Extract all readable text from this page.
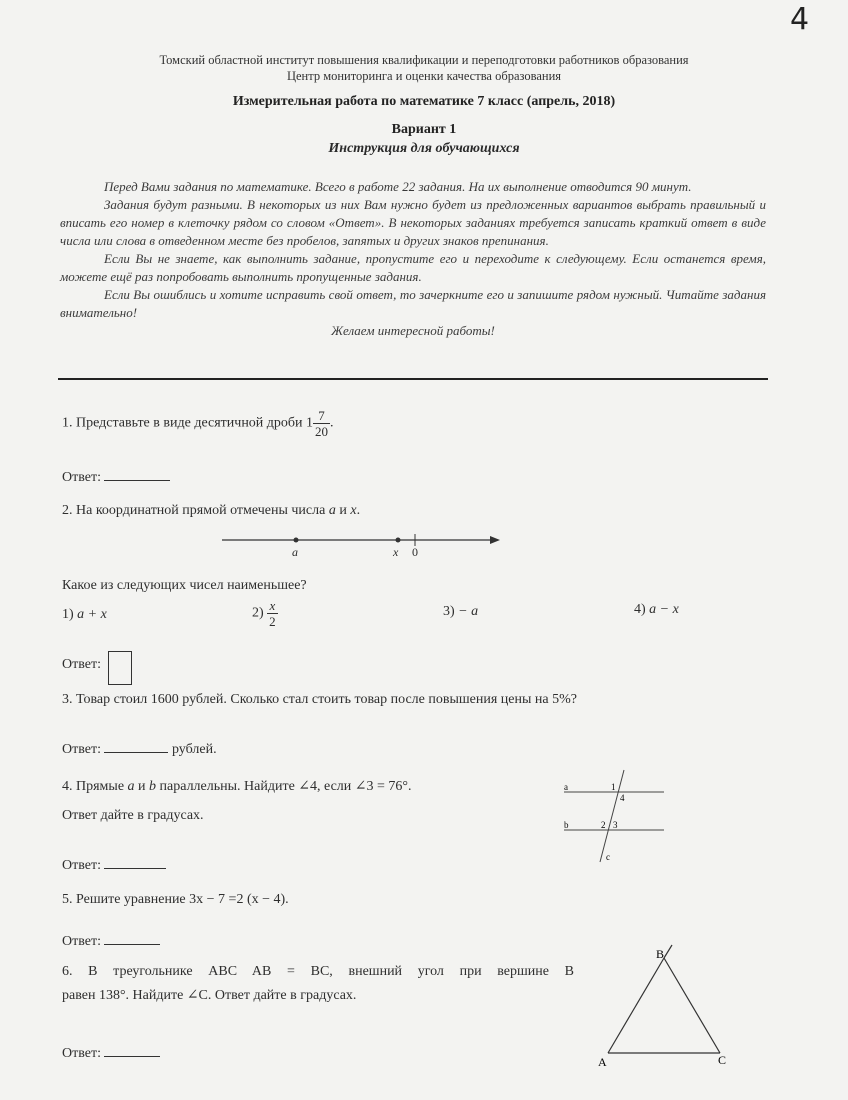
4
Томский областной институт повышения квалификации и переподготовки работников образования
Центр мониторинга и оценки качества образования
Измерительная работа по математике 7 класс (апрель, 2018)
Вариант 1
Инструкция для обучающихся
Перед Вами задания по математике. Всего в работе 22 задания. На их выполнение отводится 90 минут.
Задания будут разными. В некоторых из них Вам нужно будет из предложенных вариантов выбрать правильный и вписать его номер в клеточку рядом со словом «Ответ». В некоторых заданиях требуется записать краткий ответ в виде числа или слова в отведенном месте без пробелов, запятых и других знаков препинания.
Если Вы не знаете, как выполнить задание, пропустите его и переходите к следующему. Если останется время, можете ещё раз попробовать выполнить пропущенные задания.
Если Вы ошиблись и хотите исправить свой ответ, то зачеркните его и запишите рядом нужный. Читайте задания внимательно!
Желаем интересной работы!
1. Представьте в виде десятичной дроби $1 \frac{7}{20}$ .
Ответ:
2. На координатной прямой отмечены числа a и x.
a	x 0
Какое из следующих чисел наименьшее?
1) a + x	$2) \frac{x}{2}$	3) − a	4) a − x
Ответ:
3. Товар стоил 1600 рублей. Сколько стал стоить товар после повышения цены на 5%?
Ответ:	рублей.
4. Прямые a и b параллельны. Найдите ∠4, если ∠3 = 76°.
Ответ дайте в градусах.
Ответ:
a
b
c
1
4
2 3
5. Решите уравнение 3x − 7 =2 (x − 4).
Ответ:
6. В треугольнике ABC AB = BC, внешний угол при вершине B
равен 138°. Найдите ∠C. Ответ дайте в градусах.
Ответ:
A
B
C
